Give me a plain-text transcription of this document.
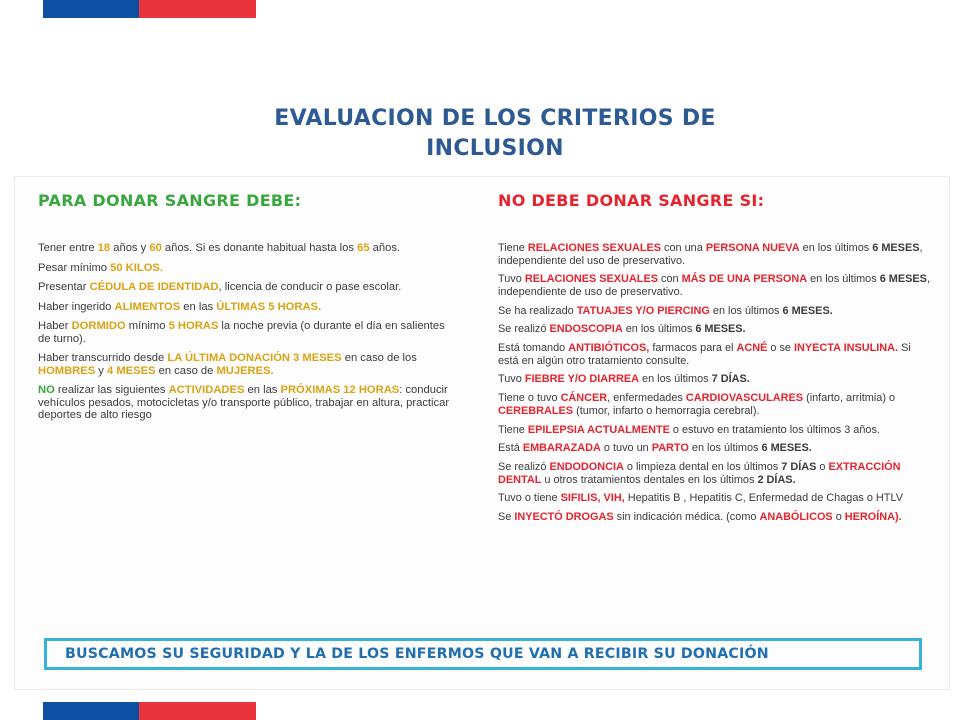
EVALUACION DE LOS CRITERIOS DE
INCLUSION
PARA DONAR SANGRE DEBE:

Tener entre 18 años y 60 años. Si es donante habitual hasta los 65 años.

Pesar mínimo 50 KILOS.

Presentar CÉDULA DE IDENTIDAD, licencia de conducir o pase escolar.

Haber ingerido ALIMENTOS en las ÚLTIMAS 5 HORAS.

Haber DORMIDO mínimo 5 HORAS la noche previa (o durante el día en salientes de turno).

Haber transcurrido desde LA ÚLTIMA DONACIÓN 3 MESES en caso de los HOMBRES y 4 MESES en caso de MUJERES.

NO realizar las siguientes ACTIVIDADES en las PRÓXIMAS 12 HORAS: conducir vehículos pesados, motocicletas y/o transporte público, trabajar en altura, practicar deportes de alto riesgo

NO DEBE DONAR SANGRE SI:

Tiene RELACIONES SEXUALES con una PERSONA NUEVA en los últimos 6 MESES, independiente del uso de preservativo.

Tuvo RELACIONES SEXUALES con MÁS DE UNA PERSONA en los últimos 6 MESES, independiente de uso de preservativo.

Se ha realizado TATUAJES Y/O PIERCING en los últimos 6 MESES.

Se realizó ENDOSCOPIA en los últimos 6 MESES.

Está tomando ANTIBIÓTICOS, farmacos para el ACNÉ o se INYECTA INSULINA. Si está en algún otro tratamiento consulte.

Tuvo FIEBRE Y/O DIARREA en los últimos 7 DÍAS.

Tiene o tuvo CÁNCER, enfermedades CARDIOVASCULARES (infarto, arritmia) o CEREBRALES (tumor, infarto o hemorragia cerebral).

Tiene EPILEPSIA ACTUALMENTE o estuvo en tratamiento los últimos 3 años.

Está EMBARAZADA o tuvo un PARTO en los últimos 6 MESES.

Se realizó ENDODONCIA o limpieza dental en los últimos 7 DÍAS o EXTRACCIÓN DENTAL u otros tratamientos dentales en los últimos 2 DÍAS.

Tuvo o tiene SIFILIS, VIH, Hepatitis B , Hepatitis C, Enfermedad de Chagas o HTLV

Se INYECTÓ DROGAS sin indicación médica. (como ANABÓLICOS o HEROÍNA).

BUSCAMOS SU SEGURIDAD Y LA DE LOS ENFERMOS QUE VAN A RECIBIR SU DONACIÓN
